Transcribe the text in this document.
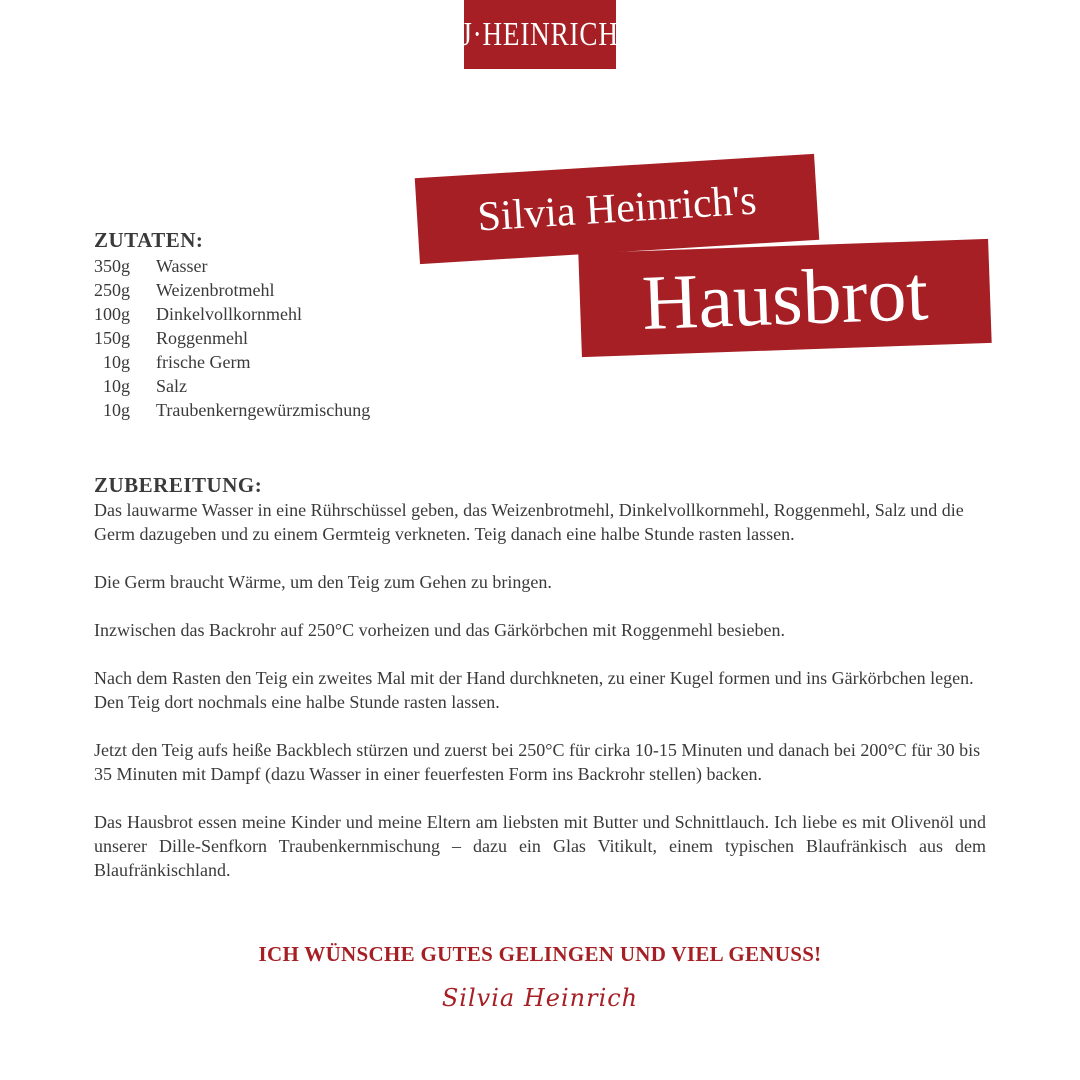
J·HEINRICH
Silvia Heinrich's
Hausbrot
ZUTATEN:
350g Wasser
250g Weizenbrotmehl
100g Dinkelvollkornmehl
150g Roggenmehl
10g frische Germ
10g Salz
10g Traubenkerngewürzmischung
ZUBEREITUNG:

Das lauwarme Wasser in eine Rührschüssel geben, das Weizenbrotmehl, Dinkelvollkornmehl, Roggenmehl, Salz und die Germ dazugeben und zu einem Germteig verkneten. Teig danach eine halbe Stunde rasten lassen.

Die Germ braucht Wärme, um den Teig zum Gehen zu bringen.

Inzwischen das Backrohr auf 250°C vorheizen und das Gärkörbchen mit Roggenmehl besieben.

Nach dem Rasten den Teig ein zweites Mal mit der Hand durchkneten, zu einer Kugel formen und ins Gärkörbchen legen. Den Teig dort nochmals eine halbe Stunde rasten lassen.

Jetzt den Teig aufs heiße Backblech stürzen und zuerst bei 250°C für cirka 10-15 Minuten und danach bei 200°C für 30 bis 35 Minuten mit Dampf (dazu Wasser in einer feuerfesten Form ins Backrohr stellen) backen.

Das Hausbrot essen meine Kinder und meine Eltern am liebsten mit Butter und Schnittlauch. Ich liebe es mit Olivenöl und unserer Dille-Senfkorn Traubenkernmischung – dazu ein Glas Vitikult, einem typischen Blaufränkisch aus dem Blaufränkischland.

ICH WÜNSCHE GUTES GELINGEN UND VIEL GENUSS!
Silvia Heinrich
